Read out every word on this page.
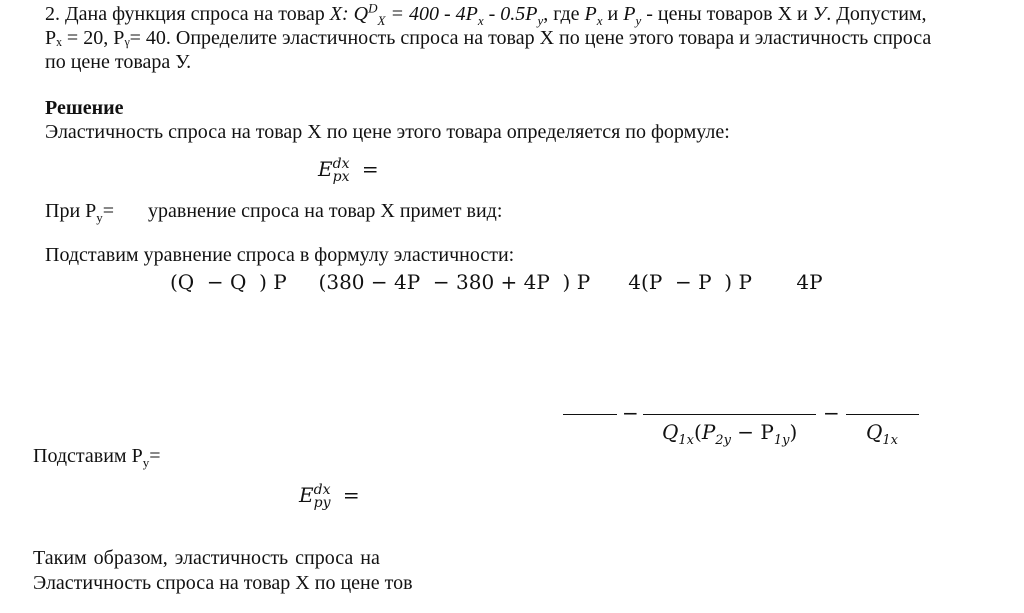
2. Дана функция спроса на товар X: $Q^D_X = 400 - 4P_x - 0.5P_y$, где $P_x$ и $P_y$ - цены товаров X и У. Допустим,
Pₓ = 20, Pᵧ= 40. Определите эластичность спроса на товар X по цене этого товара и эластичность спроса
по цене товара У.
Решение
Эластичность спроса на товар X по цене этого товара определяется по формуле:
E dx
px =
При $P_y=$ уравнение спроса на товар X примет вид:
Подставим уравнение спроса в формулу эластичности:
(Q  − Q  ) P     (380 − 4P  − 380 + 4P  ) P      4(P  − P  ) P       4P
−
$Q_{1x}(P_{2y} - P_{1y})$
−
$Q_{1x}$
Подставим $P_y=$
E dx
py =
Таким образом, эластичность спроса на
Эластичность спроса на товар X по цене тов
